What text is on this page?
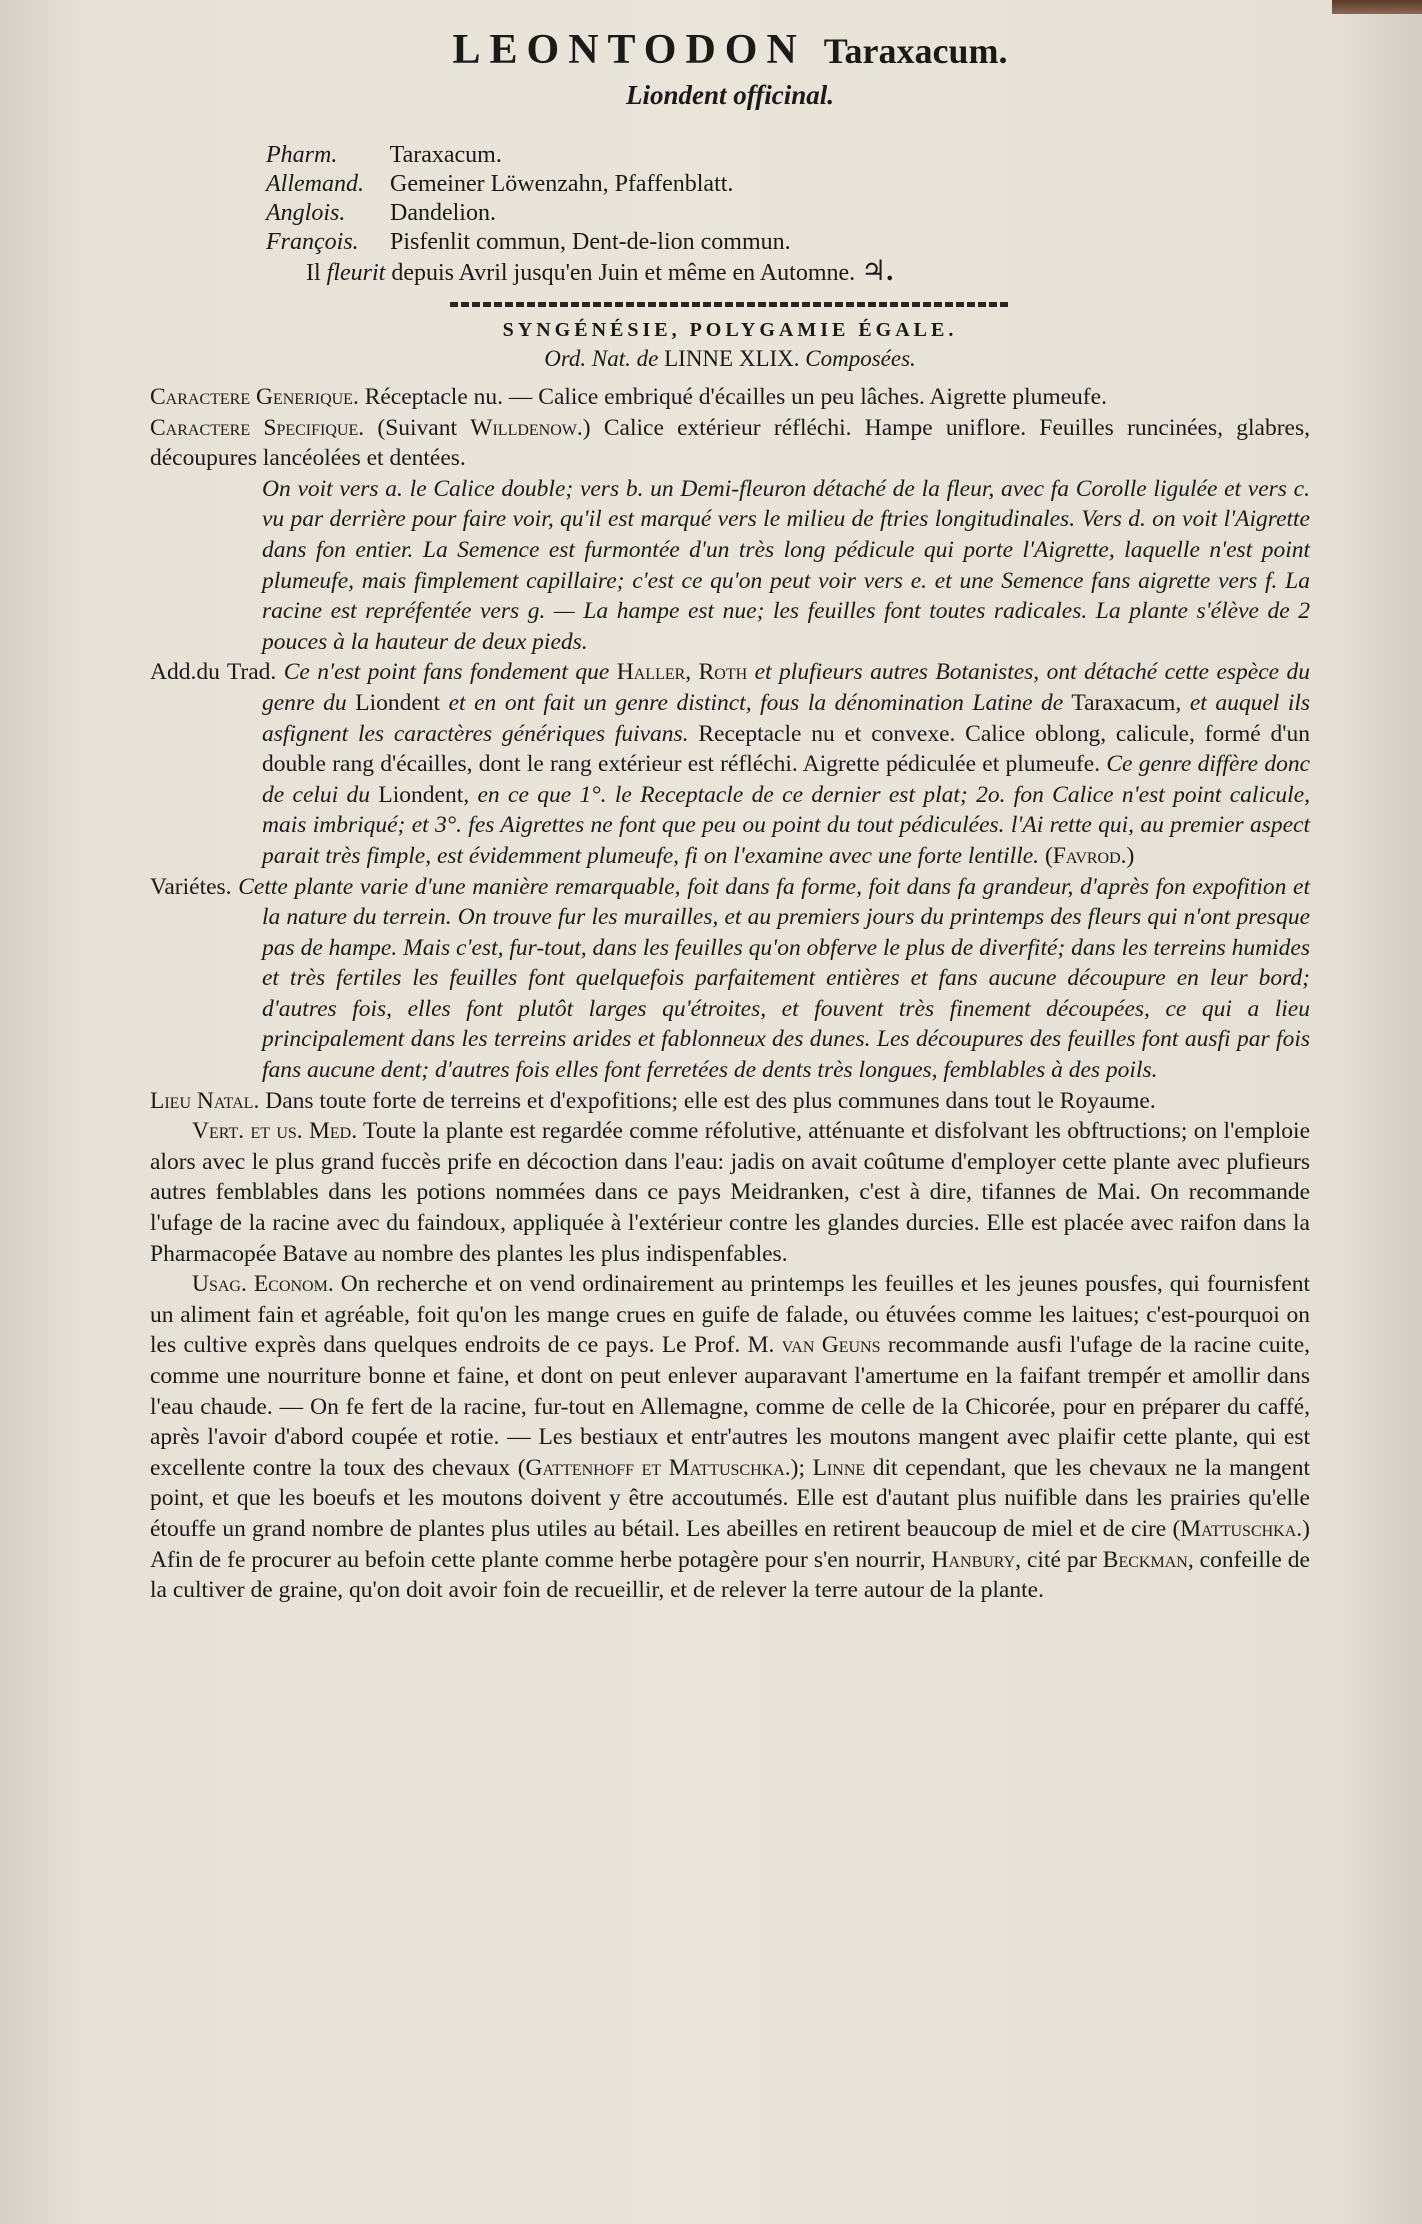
LEONTODON Taraxacum.
Liondent officinal.
Pharm. Taraxacum.
Allemand. Gemeiner Löwenzahn, Pfaffenblatt.
Anglois. Dandelion.
François. Pisfenlit commun, Dent-de-lion commun.
Il fleurit depuis Avril jusqu'en Juin et même en Automne. ♃.
SYNGÉNÉSIE, POLYGAMIE ÉGALE.
Ord. Nat. de LINNE XLIX. Composées.

Caractere Generique. Réceptacle nu. — Calice embriqué d'écailles un peu lâches. Aigrette plumeufe.

Caractere Specifique. (Suivant Willdenow.) Calice extérieur réfléchi. Hampe uniflore. Feuilles runcinées, glabres, découpures lancéolées et dentées.

On voit vers a. le Calice double; vers b. un Demi-fleuron détaché de la fleur, avec fa Corolle ligulée et vers c. vu par derrière pour faire voir, qu'il est marqué vers le milieu de ftries longitudinales. Vers d. on voit l'Aigrette dans fon entier. La Semence est furmontée d'un très long pédicule qui porte l'Aigrette, laquelle n'est point plumeufe, mais fimplement capillaire; c'est ce qu'on peut voir vers e. et une Semence fans aigrette vers f. La racine est repréfentée vers g. — La hampe est nue; les feuilles font toutes radicales. La plante s'élève de 2 pouces à la hauteur de deux pieds.

Add.du Trad. Ce n'est point fans fondement que Haller, Roth et plufieurs autres Botanistes, ont détaché cette espèce du genre du Liondent et en ont fait un genre distinct, fous la dénomination Latine de Taraxacum, et auquel ils asfignent les caractères génériques fuivans. Receptacle nu et convexe. Calice oblong, calicule, formé d'un double rang d'écailles, dont le rang extérieur est réfléchi. Aigrette pédiculée et plumeufe. Ce genre diffère donc de celui du Liondent, en ce que 1°. le Receptacle de ce dernier est plat; 2o. fon Calice n'est point calicule, mais imbriqué; et 3°. fes Aigrettes ne font que peu ou point du tout pédiculées. l'Ai rette qui, au premier aspect parait très fimple, est évidemment plumeufe, fi on l'examine avec une forte lentille. (Favrod.)

Variétes. Cette plante varie d'une manière remarquable, foit dans fa forme, foit dans fa grandeur, d'après fon expofition et la nature du terrein. On trouve fur les murailles, et au premiers jours du printemps des fleurs qui n'ont presque pas de hampe. Mais c'est, fur-tout, dans les feuilles qu'on obferve le plus de diverfité; dans les terreins humides et très fertiles les feuilles font quelquefois parfaitement entières et fans aucune découpure en leur bord; d'autres fois, elles font plutôt larges qu'étroites, et fouvent très finement découpées, ce qui a lieu principalement dans les terreins arides et fablonneux des dunes. Les découpures des feuilles font ausfi par fois fans aucune dent; d'autres fois elles font ferretées de dents très longues, femblables à des poils.

Lieu Natal. Dans toute forte de terreins et d'expofitions; elle est des plus communes dans tout le Royaume.

Vert. et us. Med. Toute la plante est regardée comme réfolutive, atténuante et disfolvant les obftructions; on l'emploie alors avec le plus grand fuccès prife en décoction dans l'eau: jadis on avait coûtume d'employer cette plante avec plufieurs autres femblables dans les potions nommées dans ce pays Meidranken, c'est à dire, tifannes de Mai. On recommande l'ufage de la racine avec du faindoux, appliquée à l'extérieur contre les glandes durcies. Elle est placée avec raifon dans la Pharmacopée Batave au nombre des plantes les plus indispenfables.

Usag. Econom. On recherche et on vend ordinairement au printemps les feuilles et les jeunes pousfes, qui fournisfent un aliment fain et agréable, foit qu'on les mange crues en guife de falade, ou étuvées comme les laitues; c'est-pourquoi on les cultive exprès dans quelques endroits de ce pays. Le Prof. M. van Geuns recommande ausfi l'ufage de la racine cuite, comme une nourriture bonne et faine, et dont on peut enlever auparavant l'amertume en la faifant trempér et amollir dans l'eau chaude. — On fe fert de la racine, fur-tout en Allemagne, comme de celle de la Chicorée, pour en préparer du caffé, après l'avoir d'abord coupée et rotie. — Les bestiaux et entr'autres les moutons mangent avec plaifir cette plante, qui est excellente contre la toux des chevaux (Gattenhoff et Mattuschka.); Linne dit cependant, que les chevaux ne la mangent point, et que les boeufs et les moutons doivent y être accoutumés. Elle est d'autant plus nuifible dans les prairies qu'elle étouffe un grand nombre de plantes plus utiles au bétail. Les abeilles en retirent beaucoup de miel et de cire (Mattuschka.) Afin de fe procurer au befoin cette plante comme herbe potagère pour s'en nourrir, Hanbury, cité par Beckman, confeille de la cultiver de graine, qu'on doit avoir foin de recueillir, et de relever la terre autour de la plante.
